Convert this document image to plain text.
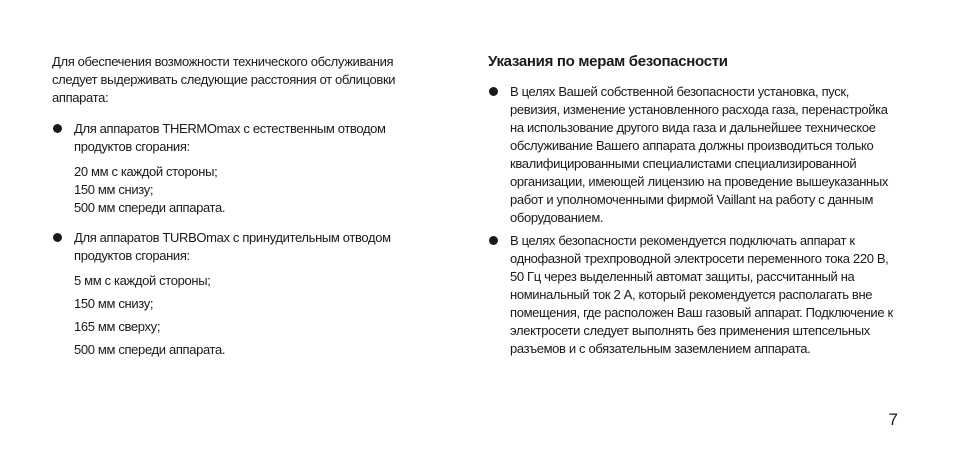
Для обеспечения возможности технического обслуживания следует выдерживать следующие расстояния от облицовки аппарата:

Для аппаратов THERMOmax с естественным отводом продуктов сгорания:

20 мм с каждой стороны;
150 мм снизу;
500 мм спереди аппарата.

Для аппаратов TURBOmax с принудительным отводом продуктов сгорания:

5 мм с каждой стороны;
150 мм снизу;
165 мм сверху;
500 мм спереди аппарата.
Указания по мерам безопасности

В целях Вашей собственной безопасности установка, пуск, ревизия, изменение установленного расхода газа, перенастройка на использование другого вида газа и дальнейшее техническое обслуживание Вашего аппарата должны производиться только квалифицированными специалистами специализированной организации, имеющей лицензию на проведение вышеуказанных работ и уполномоченными фирмой Vaillant на работу с данным оборудованием.

В целях безопасности рекомендуется подключать аппарат к однофазной трехпроводной электросети переменного тока 220 В, 50 Гц через выделенный автомат защиты, рассчитанный на номинальный ток 2 А, который рекомендуется располагать вне помещения, где расположен Ваш газовый аппарат. Подключение к электросети следует выполнять без применения штепсельных разъемов и с обязательным заземлением аппарата.

7
